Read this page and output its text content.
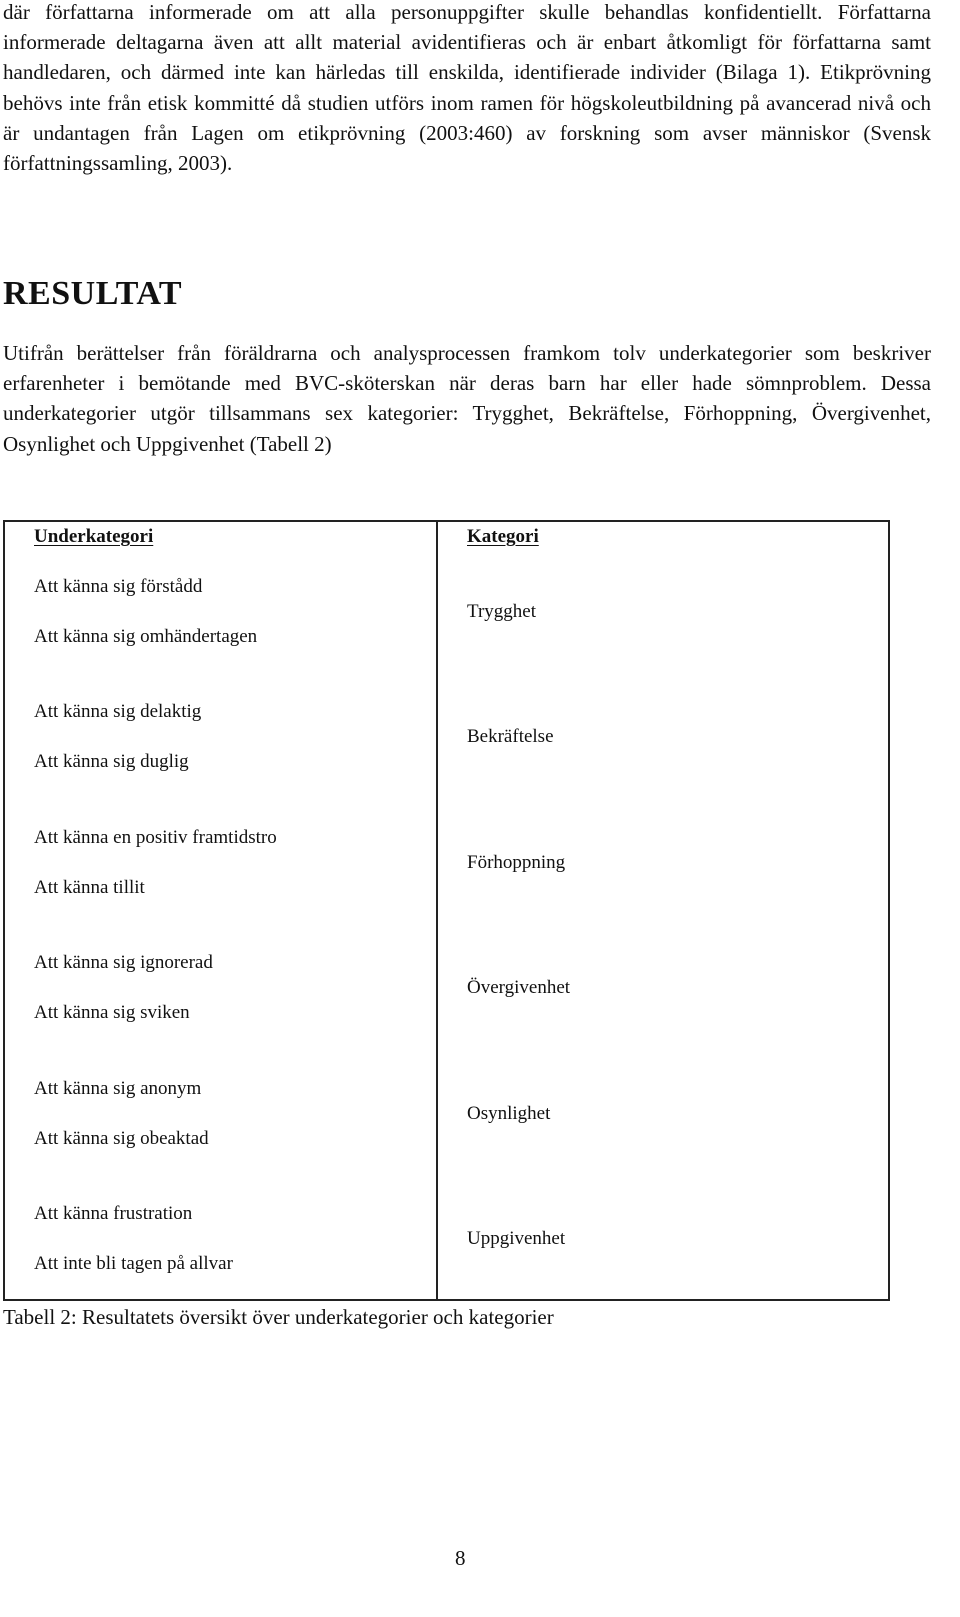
där författarna informerade om att alla personuppgifter skulle behandlas konfidentiellt. Författarna informerade deltagarna även att allt material avidentifieras och är enbart åtkomligt för författarna samt handledaren, och därmed inte kan härledas till enskilda, identifierade individer (Bilaga 1). Etikprövning behövs inte från etisk kommitté då studien utförs inom ramen för högskoleutbildning på avancerad nivå och är undantagen från Lagen om etikprövning (2003:460) av forskning som avser människor (Svensk författningssamling, 2003).

RESULTAT

Utifrån berättelser från föräldrarna och analysprocessen framkom tolv underkategorier som beskriver erfarenheter i bemötande med BVC-sköterskan när deras barn har eller hade sömnproblem. Dessa underkategorier utgör tillsammans sex kategorier: Trygghet, Bekräftelse, Förhoppning, Övergivenhet, Osynlighet och Uppgivenhet (Tabell 2)

Underkategori	Kategori
Att känna sig förstådd
Att känna sig omhändertagen
Trygghet
Att känna sig delaktig
Att känna sig duglig
Bekräftelse
Att känna en positiv framtidstro
Att känna tillit
Förhoppning
Att känna sig ignorerad
Att känna sig sviken
Övergivenhet
Att känna sig anonym
Att känna sig obeaktad
Osynlighet
Att känna frustration
Att inte bli tagen på allvar
Uppgivenhet

Tabell 2: Resultatets översikt över underkategorier och kategorier

8
